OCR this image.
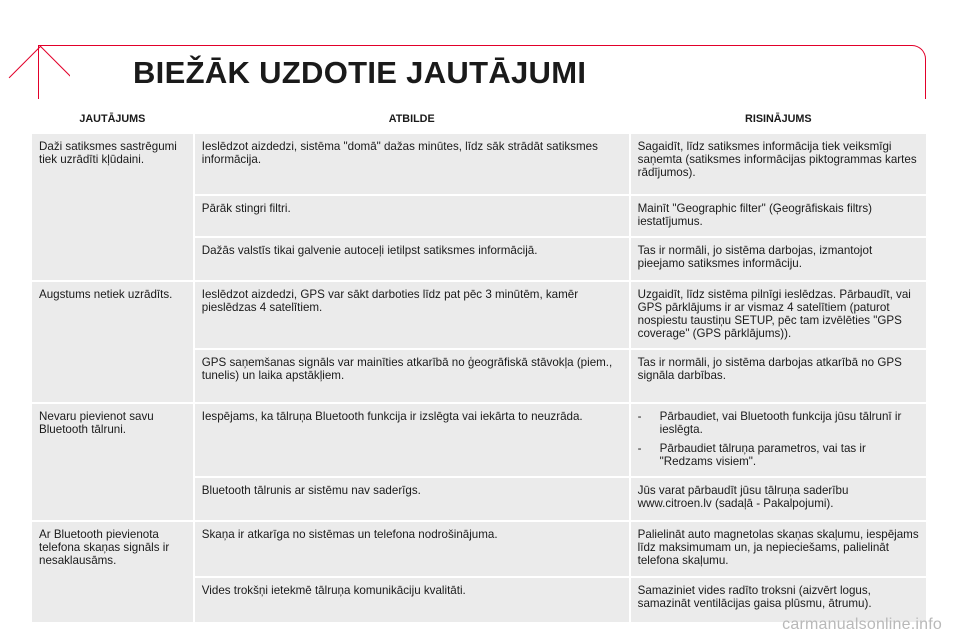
BIEŽĀK UZDOTIE JAUTĀJUMI
JAUTĀJUMS	ATBILDE	RISINĀJUMS
Daži satiksmes sastrēgumi tiek uzrādīti kļūdaini.	Ieslēdzot aizdedzi, sistēma "domā" dažas minūtes, līdz sāk strādāt satiksmes informācija.	Sagaidīt, līdz satiksmes informācija tiek veiksmīgi saņemta (satiksmes informācijas piktogrammas kartes rādījumos).
	Pārāk stingri filtri.	Mainīt "Geographic filter" (Ģeogrāfiskais filtrs) iestatījumus.
	Dažās valstīs tikai galvenie autoceļi ietilpst satiksmes informācijā.	Tas ir normāli, jo sistēma darbojas, izmantojot pieejamo satiksmes informāciju.
Augstums netiek uzrādīts.	Ieslēdzot aizdedzi, GPS var sākt darboties līdz pat pēc 3 minūtēm, kamēr pieslēdzas 4 satelītiem.	Uzgaidīt, līdz sistēma pilnīgi ieslēdzas. Pārbaudīt, vai GPS pārklājums ir ar vismaz 4 satelītiem (paturot nospiestu taustiņu SETUP, pēc tam izvēlēties "GPS coverage" (GPS pārklājums)).
	GPS saņemšanas signāls var mainīties atkarībā no ģeogrāfiskā stāvokļa (piem., tunelis) un laika apstākļiem.	Tas ir normāli, jo sistēma darbojas atkarībā no GPS signāla darbības.
Nevaru pievienot savu Bluetooth tālruni.	Iespējams, ka tālruņa Bluetooth funkcija ir izslēgta vai iekārta to neuzrāda.	- Pārbaudiet, vai Bluetooth funkcija jūsu tālrunī ir ieslēgta.
- Pārbaudiet tālruņa parametros, vai tas ir "Redzams visiem".

	Bluetooth tālrunis ar sistēmu nav saderīgs.	Jūs varat pārbaudīt jūsu tālruņa saderību www.citroen.lv (sadaļā - Pakalpojumi).
Ar Bluetooth pievienota telefona skaņas signāls ir nesaklausāms.	Skaņa ir atkarīga no sistēmas un telefona nodrošinājuma.	Palielināt auto magnetolas skaņas skaļumu, iespējams līdz maksimumam un, ja nepieciešams, palielināt telefona skaļumu.
	Vides trokšņi ietekmē tālruņa komunikāciju kvalitāti.	Samaziniet vides radīto troksni (aizvērt logus, samazināt ventilācijas gaisa plūsmu, ātrumu).
carmanualsonline.info
